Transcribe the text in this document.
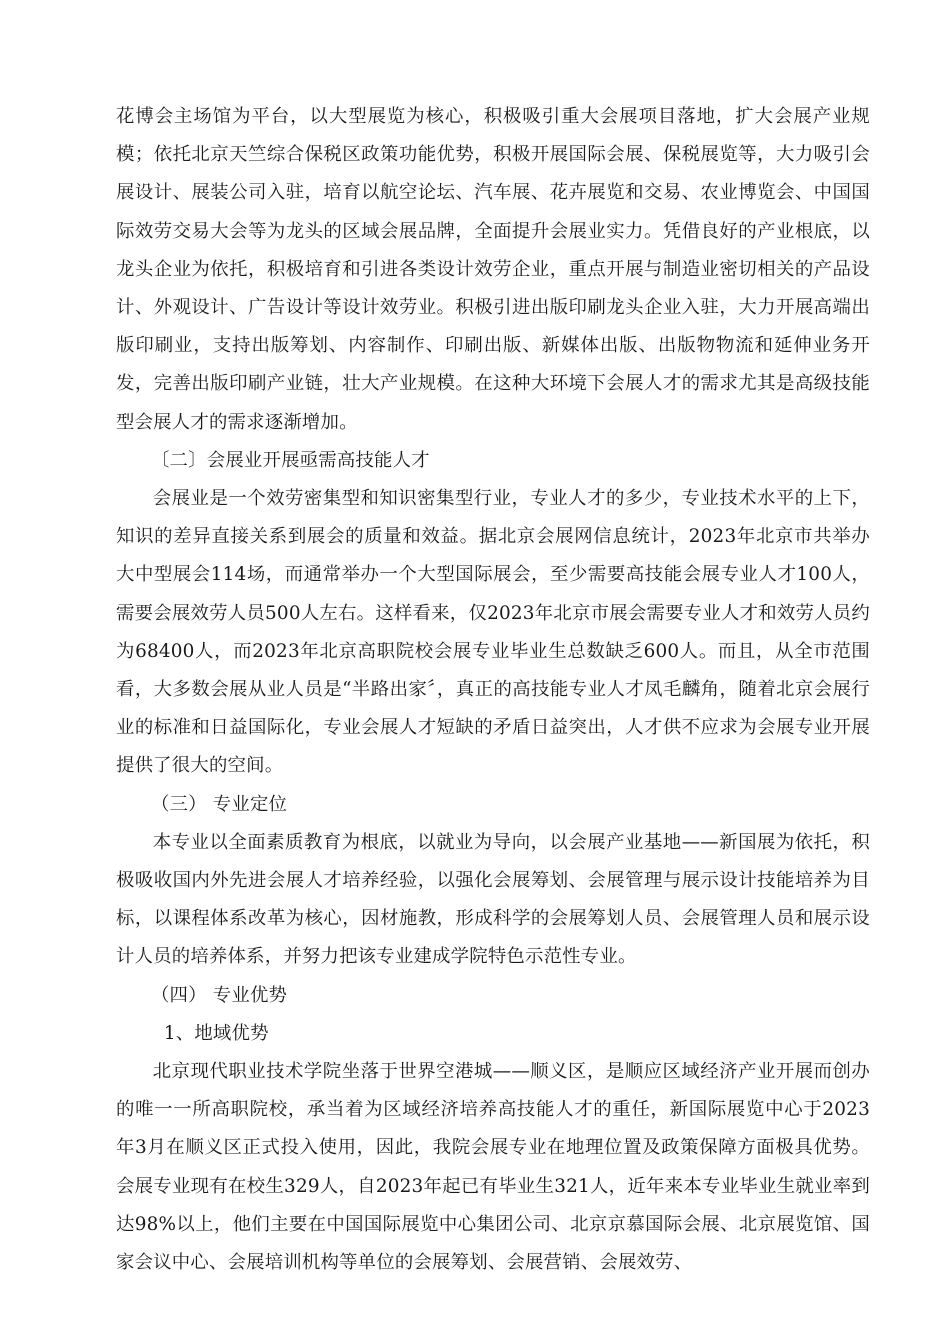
花博会主场馆为平台，以大型展览为核心，积极吸引重大会展项目落地，扩大会展产业规模；依托北京天竺综合保税区政策功能优势，积极开展国际会展、保税展览等，大力吸引会展设计、展装公司入驻，培育以航空论坛、汽车展、花卉展览和交易、农业博览会、中国国际效劳交易大会等为龙头的区域会展品牌，全面提升会展业实力。凭借良好的产业根底，以龙头企业为依托，积极培育和引进各类设计效劳企业，重点开展与制造业密切相关的产品设计、外观设计、广告设计等设计效劳业。积极引进出版印刷龙头企业入驻，大力开展高端出版印刷业，支持出版筹划、内容制作、印刷出版、新媒体出版、出版物物流和延伸业务开发，完善出版印刷产业链，壮大产业规模。在这种大环境下会展人才的需求尤其是高级技能型会展人才的需求逐渐增加。

〔二〕会展业开展亟需高技能人才

会展业是一个效劳密集型和知识密集型行业，专业人才的多少，专业技术水平的上下，知识的差异直接关系到展会的质量和效益。据北京会展网信息统计，2023年北京市共举办大中型展会114场，而通常举办一个大型国际展会，至少需要高技能会展专业人才100人，需要会展效劳人员500人左右。这样看来，仅2023年北京市展会需要专业人才和效劳人员约为68400人，而2023年北京高职院校会展专业毕业生总数缺乏600人。而且，从全市范围看，大多数会展从业人员是“半路出家〞，真正的高技能专业人才凤毛麟角，随着北京会展行业的标准和日益国际化，专业会展人才短缺的矛盾日益突出，人才供不应求为会展专业开展提供了很大的空间。

（三） 专业定位

本专业以全面素质教育为根底，以就业为导向，以会展产业基地——新国展为依托，积极吸收国内外先进会展人才培养经验，以强化会展筹划、会展管理与展示设计技能培养为目标，以课程体系改革为核心，因材施教，形成科学的会展筹划人员、会展管理人员和展示设计人员的培养体系，并努力把该专业建成学院特色示范性专业。

（四） 专业优势

1、地域优势

北京现代职业技术学院坐落于世界空港城——顺义区，是顺应区域经济产业开展而创办的唯一一所高职院校，承当着为区域经济培养高技能人才的重任，新国际展览中心于2023年3月在顺义区正式投入使用，因此，我院会展专业在地理位置及政策保障方面极具优势。会展专业现有在校生329人，自2023年起已有毕业生321人，近年来本专业毕业生就业率到达98%以上，他们主要在中国国际展览中心集团公司、北京京慕国际会展、北京展览馆、国家会议中心、会展培训机构等单位的会展筹划、会展营销、会展效劳、
